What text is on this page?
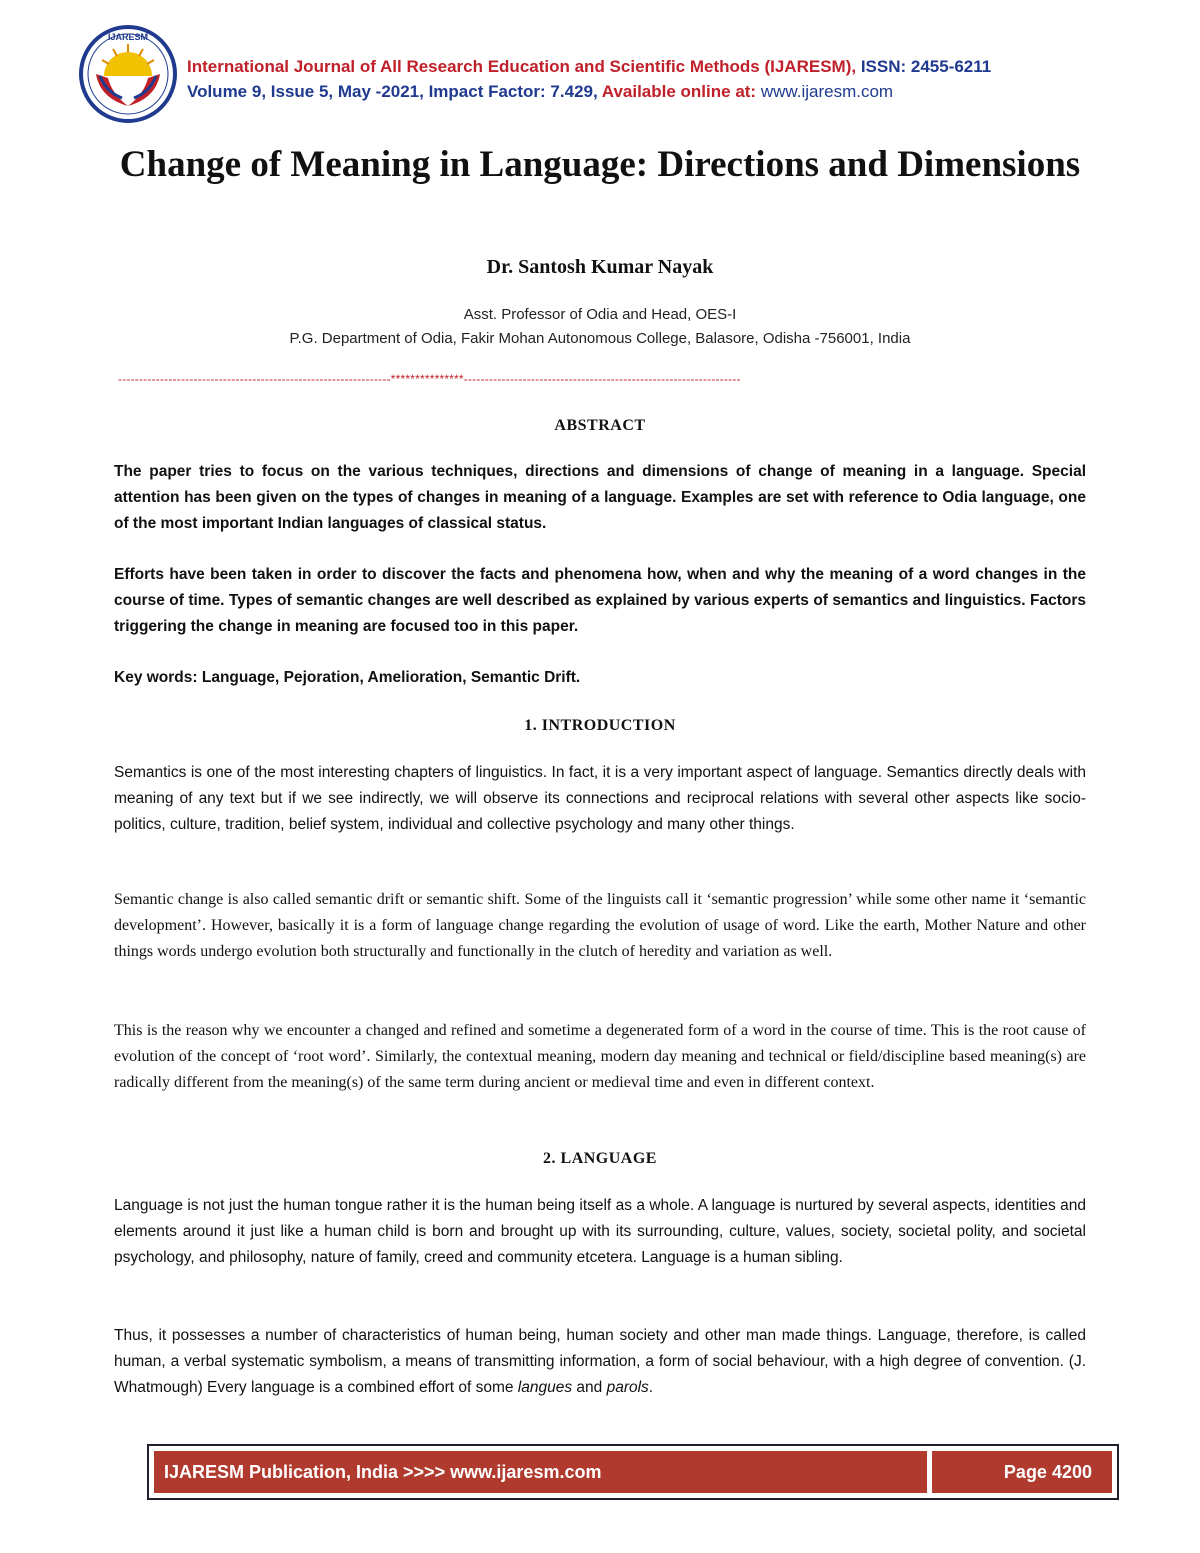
IJARESM
International Journal of All Research Education and Scientific Methods (IJARESM), ISSN: 2455-6211
Volume 9, Issue 5, May -2021, Impact Factor: 7.429, Available online at: www.ijaresm.com
Change of Meaning in Language: Directions and Dimensions
Dr. Santosh Kumar Nayak
Asst. Professor of Odia and Head, OES-I
P.G. Department of Odia, Fakir Mohan Autonomous College, Balasore, Odisha -756001, India
-----------------------------------------------------------------***************------------------------------------------------------------------
ABSTRACT

The paper tries to focus on the various techniques, directions and dimensions of change of meaning in a language. Special attention has been given on the types of changes in meaning of a language. Examples are set with reference to Odia language, one of the most important Indian languages of classical status.

Efforts have been taken in order to discover the facts and phenomena how, when and why the meaning of a word changes in the course of time. Types of semantic changes are well described as explained by various experts of semantics and linguistics. Factors triggering the change in meaning are focused too in this paper.

Key words: Language, Pejoration, Amelioration, Semantic Drift.

1. INTRODUCTION

Semantics is one of the most interesting chapters of linguistics. In fact, it is a very important aspect of language. Semantics directly deals with meaning of any text but if we see indirectly, we will observe its connections and reciprocal relations with several other aspects like socio-politics, culture, tradition, belief system, individual and collective psychology and many other things.

Semantic change is also called semantic drift or semantic shift. Some of the linguists call it ‘semantic progression’ while some other name it ‘semantic development’. However, basically it is a form of language change regarding the evolution of usage of word. Like the earth, Mother Nature and other things words undergo evolution both structurally and functionally in the clutch of heredity and variation as well.

This is the reason why we encounter a changed and refined and sometime a degenerated form of a word in the course of time. This is the root cause of evolution of the concept of ‘root word’. Similarly, the contextual meaning, modern day meaning and technical or field/discipline based meaning(s) are radically different from the meaning(s) of the same term during ancient or medieval time and even in different context.

2. LANGUAGE

Language is not just the human tongue rather it is the human being itself as a whole. A language is nurtured by several aspects, identities and elements around it just like a human child is born and brought up with its surrounding, culture, values, society, societal polity, and societal psychology, and philosophy, nature of family, creed and community etcetera. Language is a human sibling.

Thus, it possesses a number of characteristics of human being, human society and other man made things. Language, therefore, is called human, a verbal systematic symbolism, a means of transmitting information, a form of social behaviour, with a high degree of convention. (J. Whatmough) Every language is a combined effort of some langues and parols.

IJARESM Publication, India >>>> www.ijaresm.com	Page 4200
